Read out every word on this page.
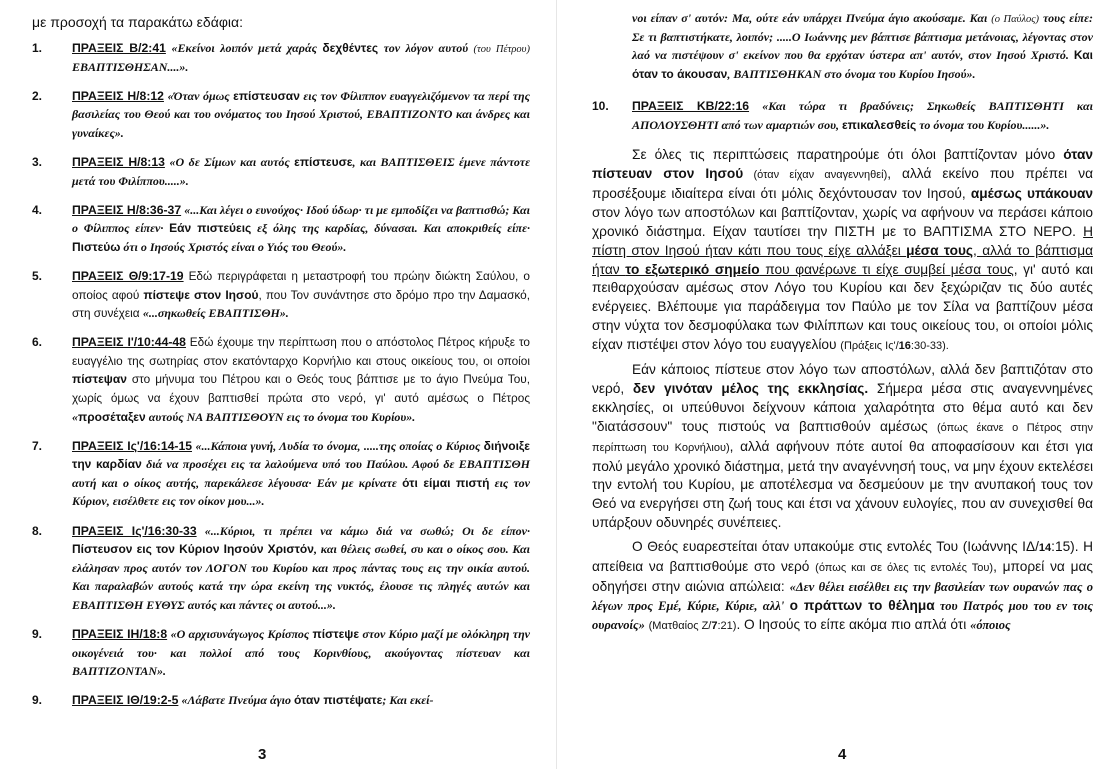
με προσοχή τα παρακάτω εδάφια:

1.	ΠΡΑΞΕΙΣ Β/2:41 «Εκείνοι λοιπόν μετά χαράς δεχθέντες τον λόγον αυτού (του Πέτρου) ΕΒΑΠΤΙΣΘΗΣΑΝ....».
2.	ΠΡΑΞΕΙΣ Η/8:12 «Όταν όμως επίστευσαν εις τον Φίλιππον ευαγγελιζόμενον τα περί της βασιλείας του Θεού και του ονόματος του Ιησού Χριστού, ΕΒΑΠΤΙΖΟΝΤΟ και άνδρες και γυναίκες».
3.	ΠΡΑΞΕΙΣ Η/8:13 «Ο δε Σίμων και αυτός επίστευσε, και ΒΑΠΤΙΣΘΕΙΣ έμενε πάντοτε μετά του Φιλίππου.....».
4.	ΠΡΑΞΕΙΣ Η/8:36-37 «...Και λέγει ο ευνούχος· Ιδού ύδωρ· τι με εμποδίζει να βαπτισθώ; Και ο Φίλιππος είπεν· Εάν πιστεύεις εξ όλης της καρδίας, δύνασαι. Και αποκριθείς είπε· Πιστεύω ότι ο Ιησούς Χριστός είναι ο Υιός του Θεού».
5.	ΠΡΑΞΕΙΣ Θ/9:17-19 Εδώ περιγράφεται η μεταστροφή του πρώην διώκτη Σαύλου, ο οποίος αφού πίστεψε στον Ιησού, που Τον συνάντησε στο δρόμο προ την Δαμασκό, στη συνέχεια «...σηκωθείς ΕΒΑΠΤΙΣΘΗ».
6.	ΠΡΑΞΕΙΣ Ι'/10:44-48 Εδώ έχουμε την περίπτωση που ο απόστολος Πέτρος κήρυξε το ευαγγέλιο της σωτηρίας στον εκατόνταρχο Κορνήλιο και στους οικείους του, οι οποίοι πίστεψαν στο μήνυμα του Πέτρου και ο Θεός τους βάπτισε με το άγιο Πνεύμα Του, χωρίς όμως να έχουν βαπτισθεί πρώτα στο νερό, γι' αυτό αμέσως ο Πέτρος «προσέταξεν αυτούς ΝΑ ΒΑΠΤΙΣΘΟΥΝ εις το όνομα του Κυρίου».
7.	ΠΡΑΞΕΙΣ Ις'/16:14-15 «...Κάποια γυνή, Λυδία το όνομα, .....της οποίας ο Κύριος διήνοιξε την καρδίαν διά να προσέχει εις τα λαλούμενα υπό του Παύλου. Αφού δε ΕΒΑΠΤΙΣΘΗ αυτή και ο οίκος αυτής, παρεκάλεσε λέγουσα· Εάν με κρίνατε ότι είμαι πιστή εις τον Κύριον, εισέλθετε εις τον οίκον μου...».
8.	ΠΡΑΞΕΙΣ Ις'/16:30-33 «...Κύριοι, τι πρέπει να κάμω διά να σωθώ; Οι δε είπον· Πίστευσον εις τον Κύριον Ιησούν Χριστόν, και θέλεις σωθεί, συ και ο οίκος σου. Και ελάλησαν προς αυτόν τον ΛΟΓΟΝ του Κυρίου και προς πάντας τους εις την οικία αυτού. Και παραλαβών αυτούς κατά την ώρα εκείνη της νυκτός, έλουσε τις πληγές αυτών και ΕΒΑΠΤΙΣΘΗ ΕΥΘΥΣ αυτός και πάντες οι αυτού...».
9.	ΠΡΑΞΕΙΣ ΙΗ/18:8 «Ο αρχισυνάγωγος Κρίσπος πίστεψε στον Κύριο μαζί με ολόκληρη την οικογένειά του· και πολλοί από τους Κορινθίους, ακούγοντας πίστευαν και ΒΑΠΤΙΖΟΝΤΑΝ».
9.	ΠΡΑΞΕΙΣ ΙΘ/19:2-5 «Λάβατε Πνεύμα άγιο όταν πιστέψατε; Και εκεί-
3
νοι είπαν σ' αυτόν: Μα, ούτε εάν υπάρχει Πνεύμα άγιο ακούσαμε. Και (ο Παύλος) τους είπε: Σε τι βαπτιστήκατε, λοιπόν; .....Ο Ιωάννης μεν βάπτισε βάπτισμα μετάνοιας, λέγοντας στον λαό να πιστέψουν σ' εκείνον που θα ερχόταν ύστερα απ' αυτόν, στον Ιησού Χριστό. Και όταν το άκουσαν, ΒΑΠΤΙΣΘΗΚΑΝ στο όνομα του Κυρίου Ιησού».
10.	ΠΡΑΞΕΙΣ ΚΒ/22:16 «Και τώρα τι βραδύνεις; Σηκωθείς ΒΑΠΤΙΣΘΗΤΙ και ΑΠΟΛΟΥΣΘΗΤΙ από των αμαρτιών σου, επικαλεσθείς το όνομα του Κυρίου......».

Σε όλες τις περιπτώσεις παρατηρούμε ότι όλοι βαπτίζονταν μόνο όταν πίστευαν στον Ιησού (όταν είχαν αναγεννηθεί), αλλά εκείνο που πρέπει να προσέξουμε ιδιαίτερα είναι ότι μόλις δεχόντουσαν τον Ιησού, αμέσως υπάκουαν στον λόγο των αποστόλων και βαπτίζονταν, χωρίς να αφήνουν να περάσει κάποιο χρονικό διάστημα. Είχαν ταυτίσει την ΠΙΣΤΗ με το ΒΑΠΤΙΣΜΑ ΣΤΟ ΝΕΡΟ. Η πίστη στον Ιησού ήταν κάτι που τους είχε αλλάξει μέσα τους, αλλά το βάπτισμα ήταν το εξωτερικό σημείο που φανέρωνε τι είχε συμβεί μέσα τους, γι' αυτό και πειθαρχούσαν αμέσως στον Λόγο του Κυρίου και δεν ξεχώριζαν τις δύο αυτές ενέργειες. Βλέπουμε για παράδειγμα τον Παύλο με τον Σίλα να βαπτίζουν μέσα στην νύχτα τον δεσμοφύλακα των Φιλίππων και τους οικείους του, οι οποίοι μόλις είχαν πιστέψει στον λόγο του ευαγγελίου (Πράξεις Ις'/16:30-33).

Εάν κάποιος πίστευε στον λόγο των αποστόλων, αλλά δεν βαπτιζόταν στο νερό, δεν γινόταν μέλος της εκκλησίας. Σήμερα μέσα στις αναγεννημένες εκκλησίες, οι υπεύθυνοι δείχνουν κάποια χαλαρότητα στο θέμα αυτό και δεν "διατάσσουν" τους πιστούς να βαπτισθούν αμέσως (όπως έκανε ο Πέτρος στην περίπτωση του Κορνήλιου), αλλά αφήνουν πότε αυτοί θα αποφασίσουν και έτσι για πολύ μεγάλο χρονικό διάστημα, μετά την αναγέννησή τους, να μην έχουν εκτελέσει την εντολή του Κυρίου, με αποτέλεσμα να δεσμεύουν με την ανυπακοή τους τον Θεό να ενεργήσει στη ζωή τους και έτσι να χάνουν ευλογίες, που αν συνεχισθεί θα υπάρξουν οδυνηρές συνέπειες.

Ο Θεός ευαρεστείται όταν υπακούμε στις εντολές Του (Ιωάννης ΙΔ/14:15). Η απείθεια να βαπτισθούμε στο νερό (όπως και σε όλες τις εντολές Του), μπορεί να μας οδηγήσει στην αιώνια απώλεια: «Δεν θέλει εισέλθει εις την βασιλείαν των ουρανών πας ο λέγων προς Εμέ, Κύριε, Κύριε, αλλ' ο πράττων το θέλημα του Πατρός μου του εν τοις ουρανοίς» (Ματθαίος Ζ/7:21). Ο Ιησούς το είπε ακόμα πιο απλά ότι «όποιος

4
